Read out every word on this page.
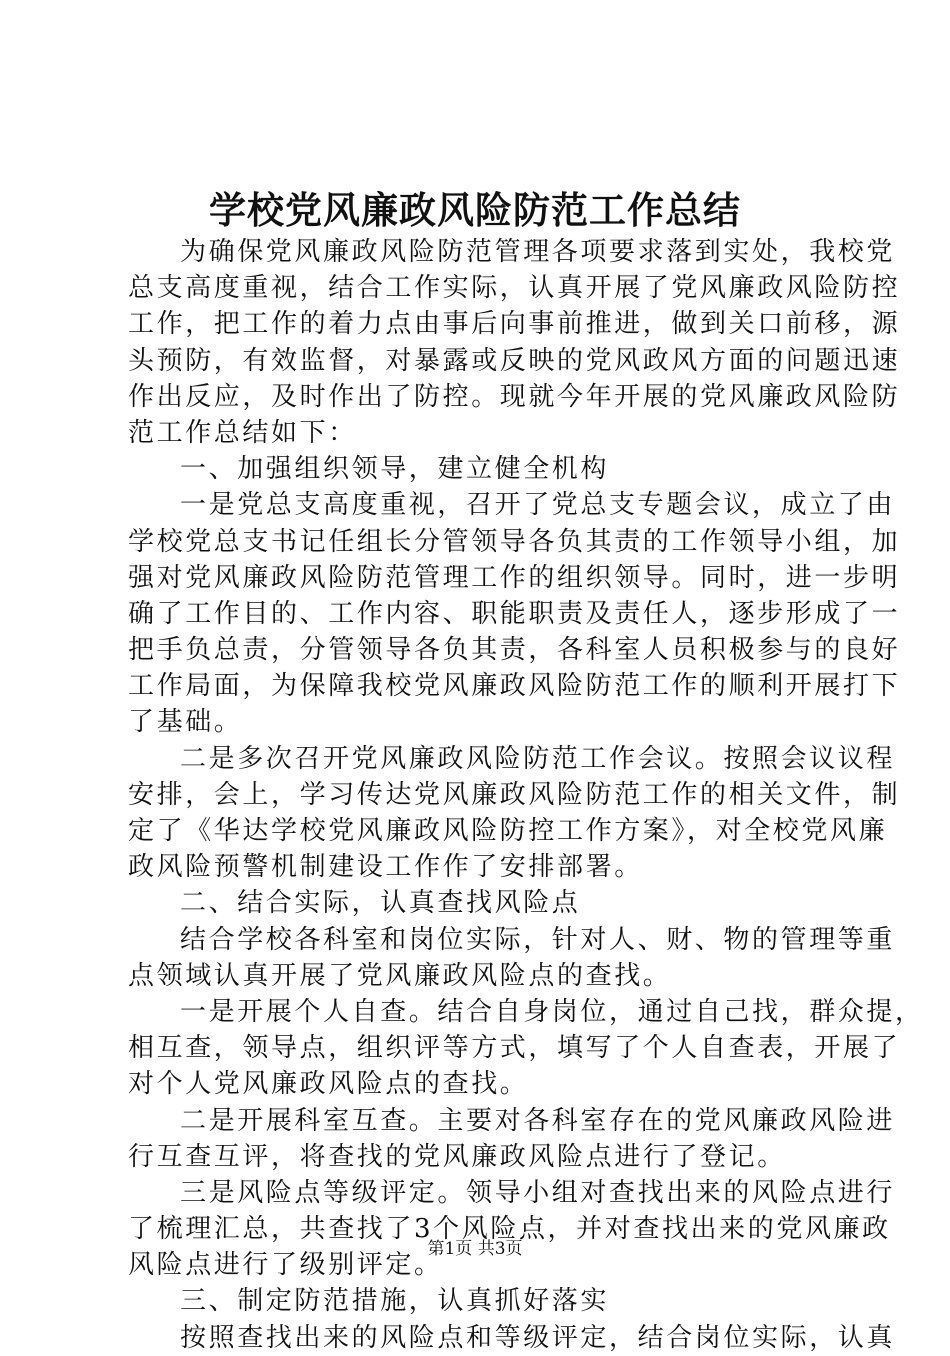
学校党风廉政风险防范工作总结
为确保党风廉政风险防范管理各项要求落到实处，我校党
总支高度重视，结合工作实际，认真开展了党风廉政风险防控
工作，把工作的着力点由事后向事前推进，做到关口前移，源
头预防，有效监督，对暴露或反映的党风政风方面的问题迅速
作出反应，及时作出了防控。现就今年开展的党风廉政风险防
范工作总结如下：
一、加强组织领导，建立健全机构
一是党总支高度重视，召开了党总支专题会议，成立了由
学校党总支书记任组长分管领导各负其责的工作领导小组，加
强对党风廉政风险防范管理工作的组织领导。同时，进一步明
确了工作目的、工作内容、职能职责及责任人，逐步形成了一
把手负总责，分管领导各负其责，各科室人员积极参与的良好
工作局面，为保障我校党风廉政风险防范工作的顺利开展打下
了基础。
二是多次召开党风廉政风险防范工作会议。按照会议议程
安排，会上，学习传达党风廉政风险防范工作的相关文件，制
定了《华达学校党风廉政风险防控工作方案》，对全校党风廉
政风险预警机制建设工作作了安排部署。
二、结合实际，认真查找风险点
结合学校各科室和岗位实际，针对人、财、物的管理等重
点领域认真开展了党风廉政风险点的查找。
一是开展个人自查。结合自身岗位，通过自己找，群众提，
相互查，领导点，组织评等方式，填写了个人自查表，开展了
对个人党风廉政风险点的查找。
二是开展科室互查。主要对各科室存在的党风廉政风险进
行互查互评，将查找的党风廉政风险点进行了登记。
三是风险点等级评定。领导小组对查找出来的风险点进行
了梳理汇总，共查找了3个风险点，并对查找出来的党风廉政
风险点进行了级别评定。
三、制定防范措施，认真抓好落实
按照查找出来的风险点和等级评定，结合岗位实际，认真
第1页 共3页
